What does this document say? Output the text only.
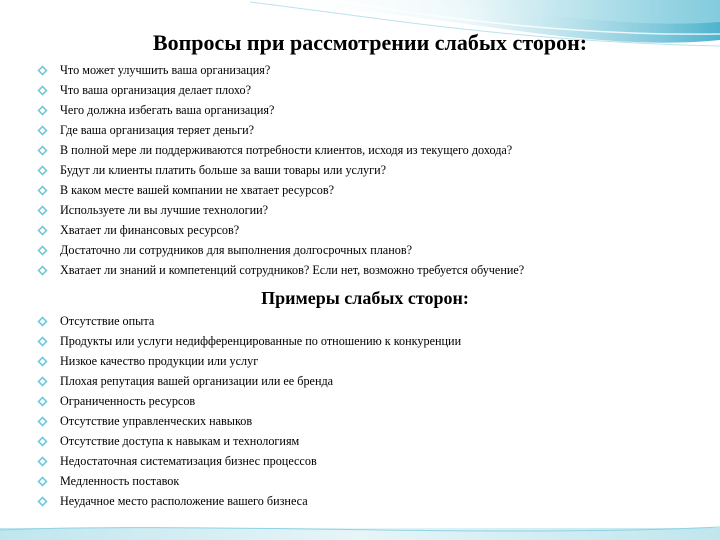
Вопросы при рассмотрении слабых сторон:
Что может улучшить ваша организация?
Что ваша организация делает плохо?
Чего должна избегать ваша организация?
Где ваша организация теряет деньги?
В полной мере ли поддерживаются потребности клиентов, исходя из текущего дохода?
Будут ли клиенты платить больше за ваши товары или услуги?
В каком месте вашей компании не хватает ресурсов?
Используете ли вы лучшие технологии?
Хватает ли финансовых ресурсов?
Достаточно ли сотрудников для выполнения долгосрочных планов?
Хватает ли знаний и компетенций сотрудников? Если нет, возможно требуется обучение?
Примеры слабых сторон:
Отсутствие опыта
Продукты или услуги недифференцированные по отношению к конкуренции
Низкое качество продукции или услуг
Плохая репутация вашей организации или ее бренда
Ограниченность ресурсов
Отсутствие управленческих навыков
Отсутствие доступа к навыкам и технологиям
Недостаточная систематизация бизнес процессов
Медленность поставок
Неудачное место расположение вашего бизнеса
